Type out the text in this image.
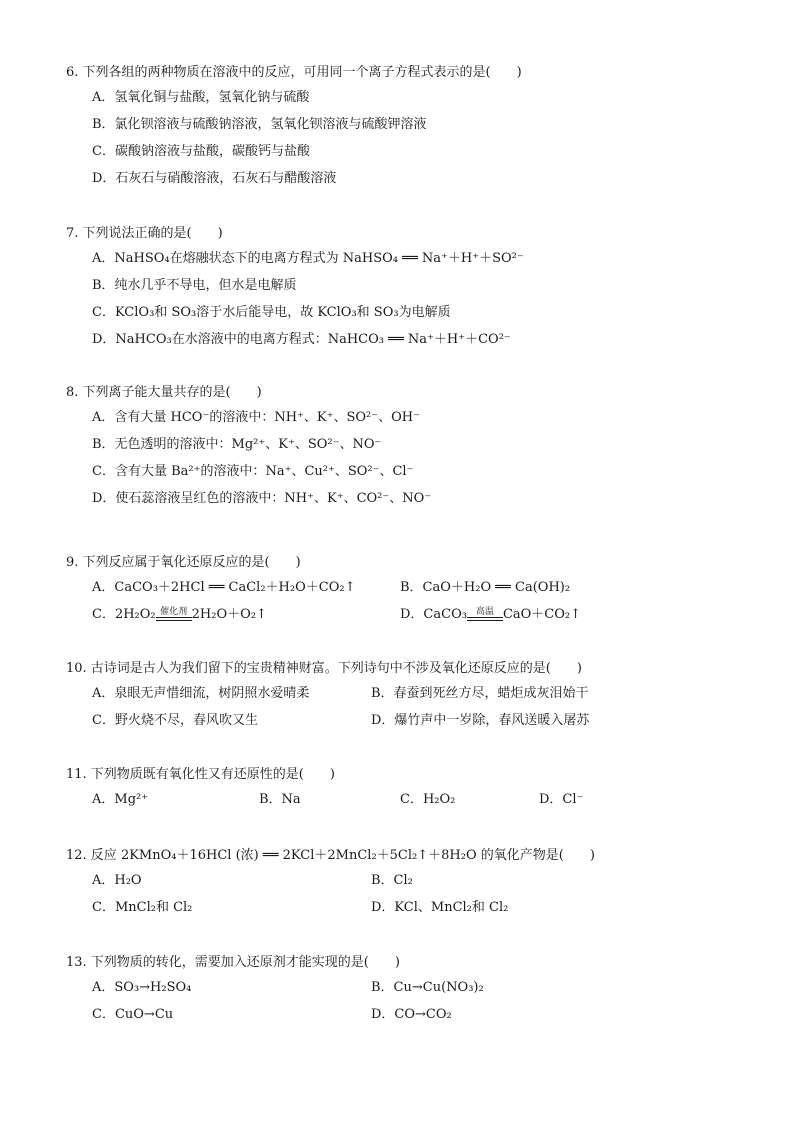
6. 下列各组的两种物质在溶液中的反应，可用同一个离子方程式表示的是(　　)
A．氢氧化铜与盐酸，氢氧化钠与硫酸
B．氯化钡溶液与硫酸钠溶液，氢氧化钡溶液与硫酸钾溶液
C．碳酸钠溶液与盐酸，碳酸钙与盐酸
D．石灰石与硝酸溶液，石灰石与醋酸溶液
7. 下列说法正确的是(　　)
A．NaHSO₄在熔融状态下的电离方程式为 NaHSO₄ ══ Na⁺＋H⁺＋SO²⁻
B．纯水几乎不导电，但水是电解质
C．KClO₃和 SO₃溶于水后能导电，故 KClO₃和 SO₃为电解质
D．NaHCO₃在水溶液中的电离方程式：NaHCO₃ ══ Na⁺＋H⁺＋CO²⁻
8. 下列离子能大量共存的是(　　)
A．含有大量 HCO⁻的溶液中：NH⁺、K⁺、SO²⁻、OH⁻
B．无色透明的溶液中：Mg²⁺、K⁺、SO²⁻、NO⁻
C．含有大量 Ba²⁺的溶液中：Na⁺、Cu²⁺、SO²⁻、Cl⁻
D．使石蕊溶液呈红色的溶液中：NH⁺、K⁺、CO²⁻、NO⁻
9. 下列反应属于氧化还原反应的是(　　)
A．CaCO₃＋2HCl ══ CaCl₂＋H₂O＋CO₂↑	B．CaO＋H₂O ══ Ca(OH)₂
C．2H₂O₂ 催化剂 2H₂O＋O₂↑	D．CaCO₃ 高温 CaO＋CO₂↑
10. 古诗词是古人为我们留下的宝贵精神财富。下列诗句中不涉及氧化还原反应的是(　　)
A．泉眼无声惜细流，树阴照水爱晴柔	B．春蚕到死丝方尽，蜡炬成灰泪始干
C．野火烧不尽，春风吹又生	D．爆竹声中一岁除，春风送暖入屠苏
11. 下列物质既有氧化性又有还原性的是(　　)
A．Mg²⁺	B．Na	C．H₂O₂	D．Cl⁻
12. 反应 2KMnO₄＋16HCl (浓) ══ 2KCl＋2MnCl₂＋5Cl₂↑＋8H₂O 的氧化产物是(　　)
A．H₂O	B．Cl₂
C．MnCl₂和 Cl₂	D．KCl、MnCl₂和 Cl₂
13. 下列物质的转化，需要加入还原剂才能实现的是(　　)
A．SO₃→H₂SO₄	B．Cu→Cu(NO₃)₂
C．CuO→Cu	D．CO→CO₂
